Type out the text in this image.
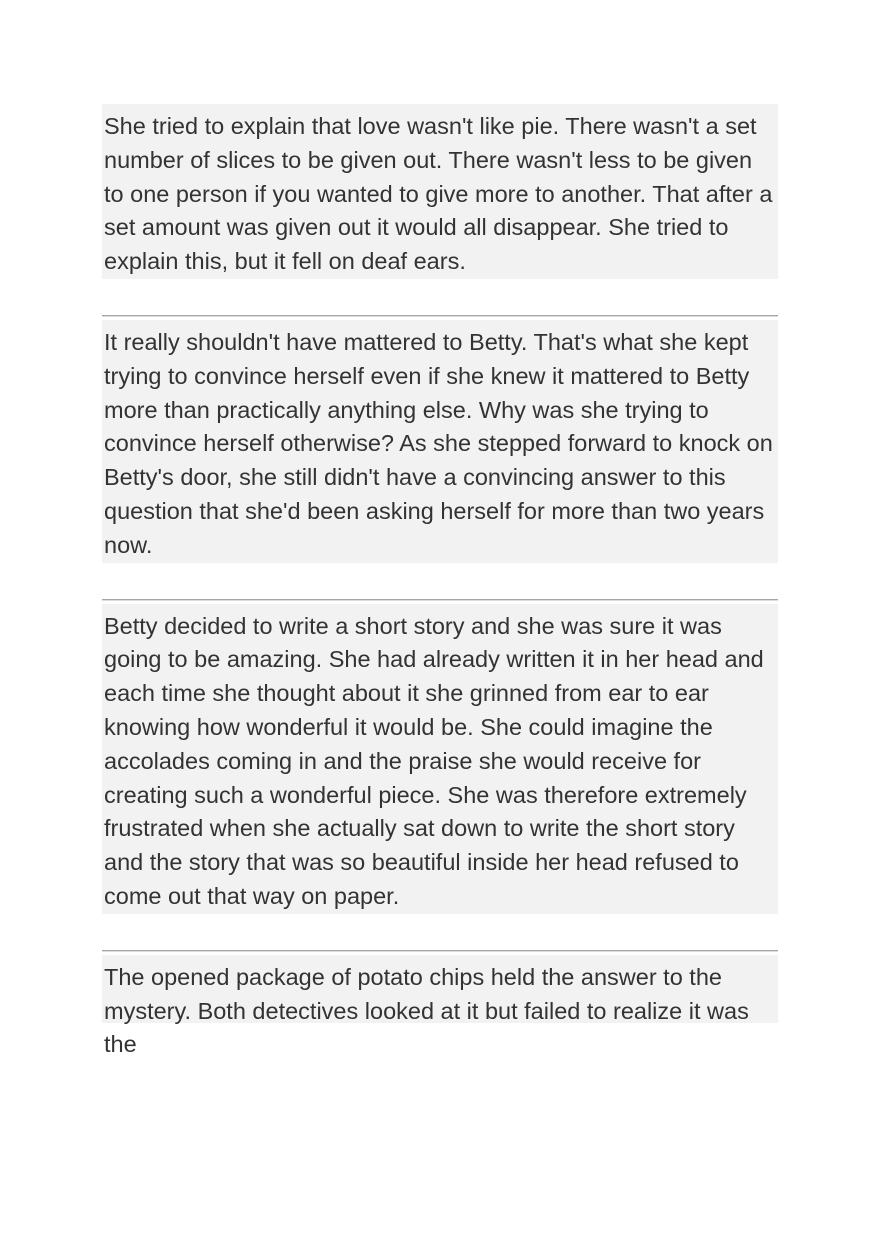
She tried to explain that love wasn't like pie. There wasn't a set number of slices to be given out. There wasn't less to be given to one person if you wanted to give more to another. That after a set amount was given out it would all disappear. She tried to explain this, but it fell on deaf ears.

It really shouldn't have mattered to Betty. That's what she kept trying to convince herself even if she knew it mattered to Betty more than practically anything else. Why was she trying to convince herself otherwise? As she stepped forward to knock on Betty's door, she still didn't have a convincing answer to this question that she'd been asking herself for more than two years now.

Betty decided to write a short story and she was sure it was going to be amazing. She had already written it in her head and each time she thought about it she grinned from ear to ear knowing how wonderful it would be. She could imagine the accolades coming in and the praise she would receive for creating such a wonderful piece. She was therefore extremely frustrated when she actually sat down to write the short story and the story that was so beautiful inside her head refused to come out that way on paper.

The opened package of potato chips held the answer to the mystery. Both detectives looked at it but failed to realize it was the
